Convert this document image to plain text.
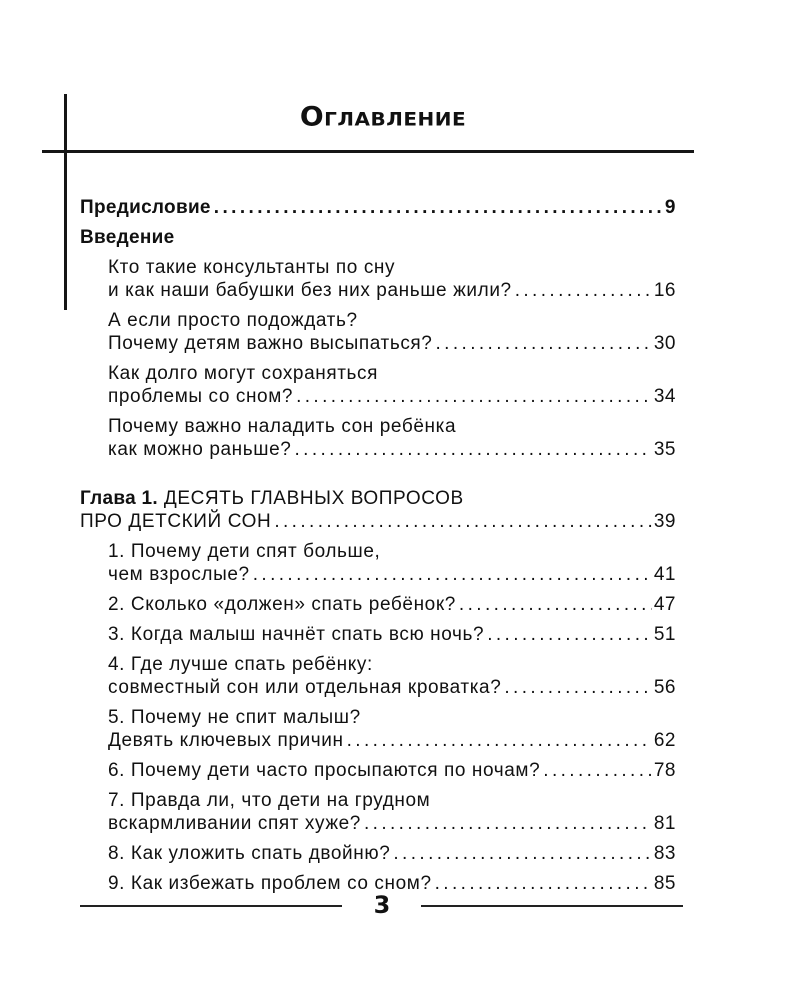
Оглавление
Предисловие .....	9
Введение
Кто такие консультанты по сну
и как наши бабушки без них раньше жили? .....	16
А если просто подождать?
Почему детям важно высыпаться? .....	30
Как долго могут сохраняться
проблемы со сном? .....	34
Почему важно наладить сон ребёнка
как можно раньше? .....	35
Глава 1. ДЕСЯТЬ ГЛАВНЫХ ВОПРОСОВ
ПРО ДЕТСКИЙ СОН .....	39
1. Почему дети спят больше,
чем взрослые? .....	41
2. Сколько «должен» спать ребёнок? .....	47
3. Когда малыш начнёт спать всю ночь? .....	51
4. Где лучше спать ребёнку:
совместный сон или отдельная кроватка? .....	56
5. Почему не спит малыш?
Девять ключевых причин .....	62
6. Почему дети часто просыпаются по ночам? .....	78
7. Правда ли, что дети на грудном
вскармливании спят хуже? .....	81
8. Как уложить спать двойню? .....	83
9. Как избежать проблем со сном? .....	85
3
